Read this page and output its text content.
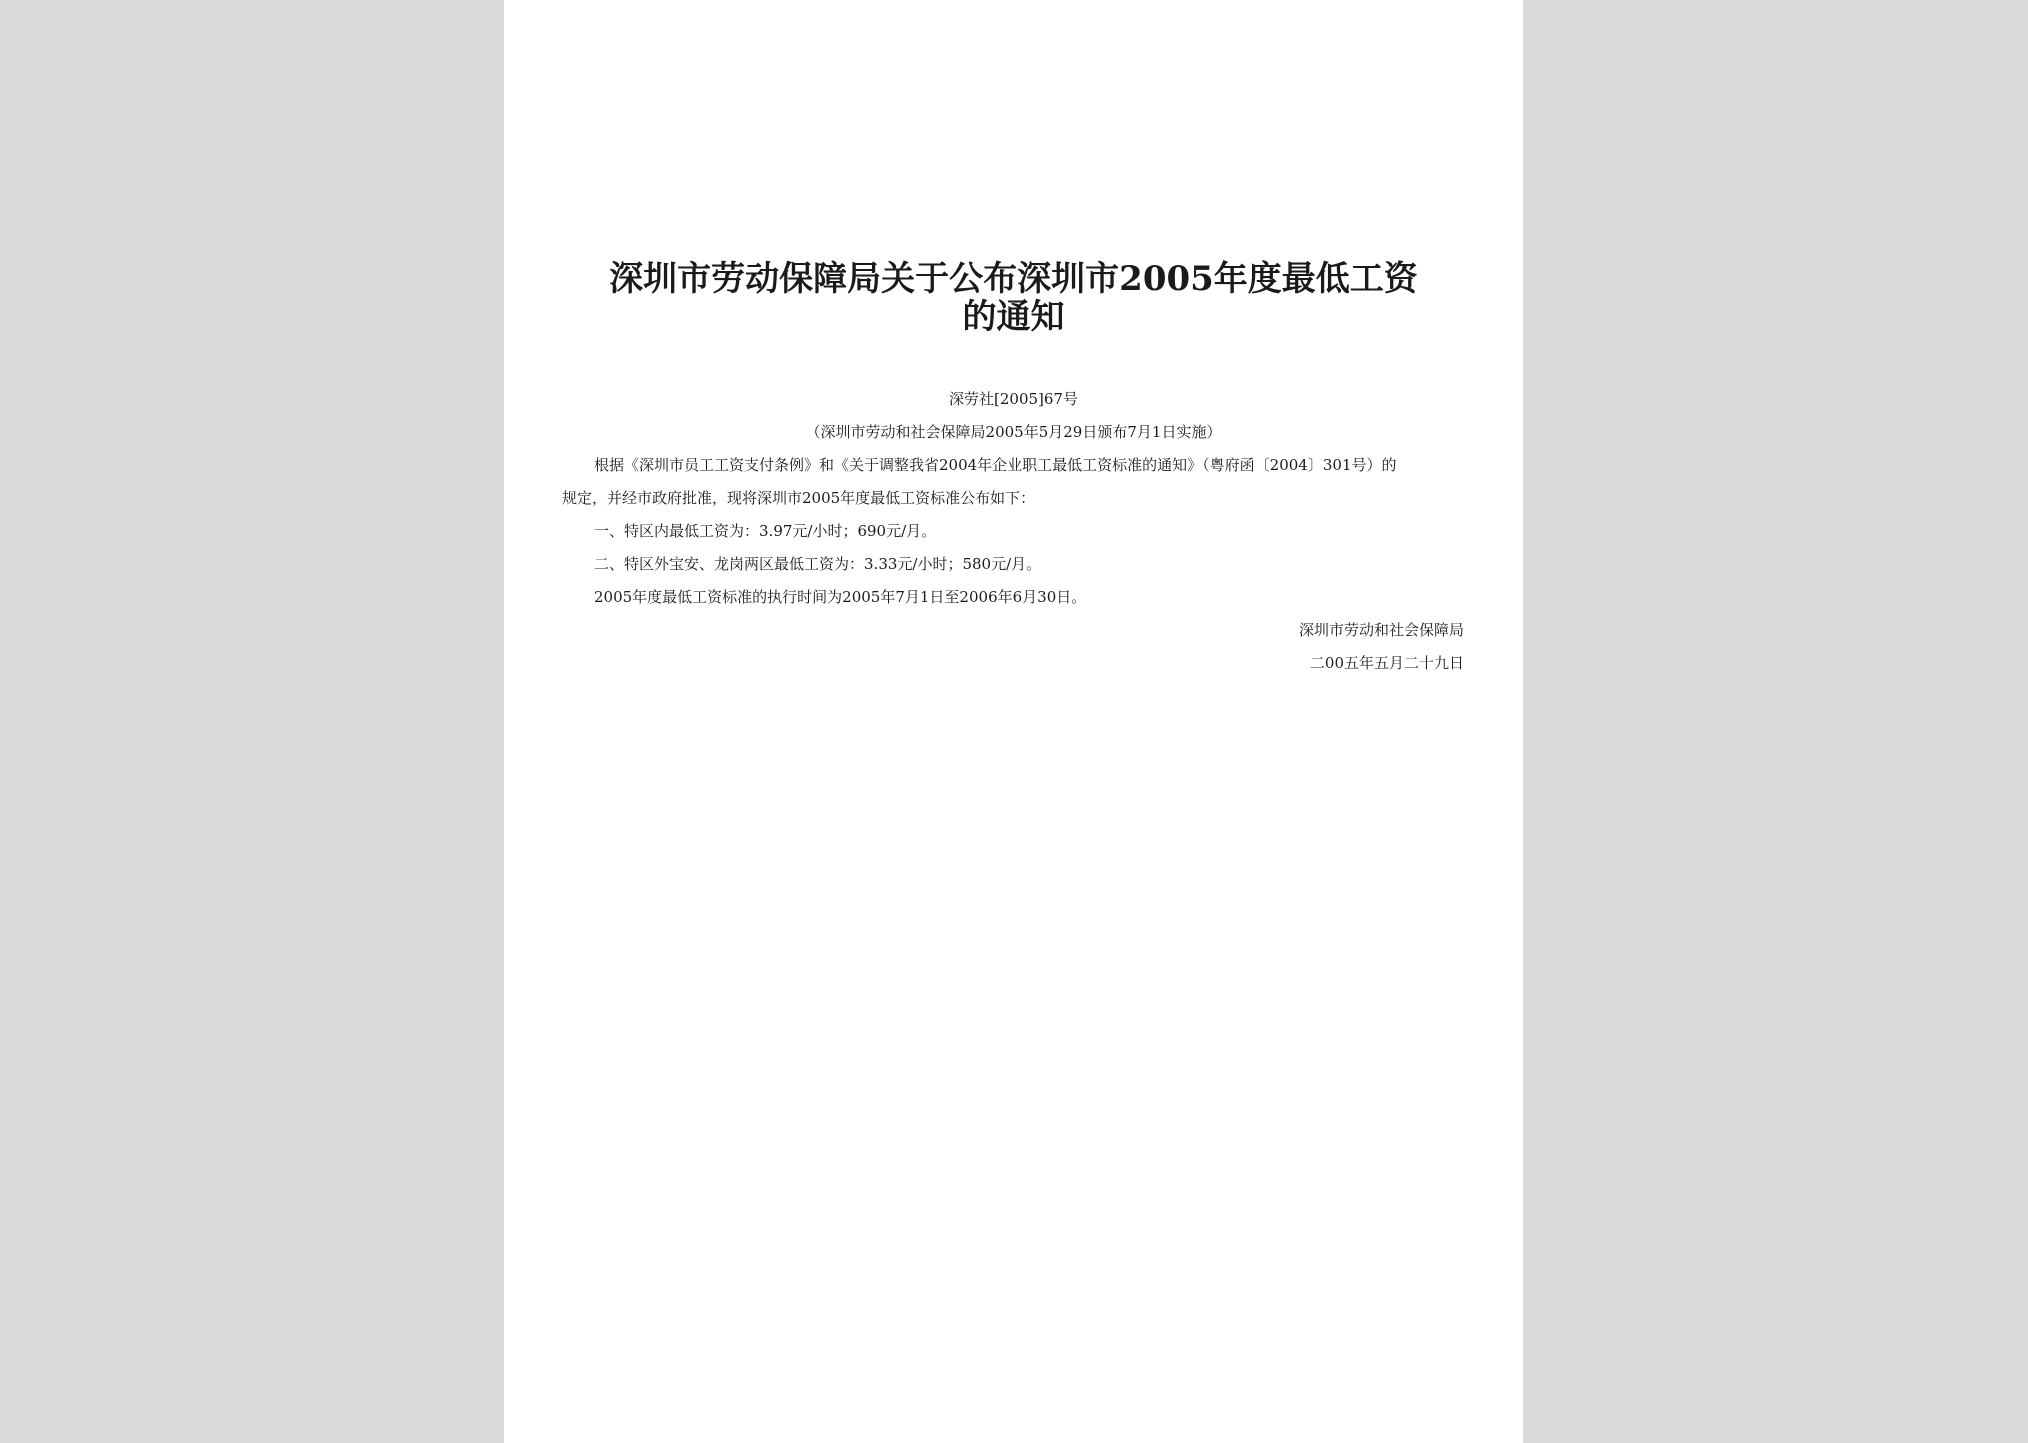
深圳市劳动保障局关于公布深圳市2005年度最低工资
的通知
深劳社[2005]67号
（深圳市劳动和社会保障局2005年5月29日颁布7月1日实施）
根据《深圳市员工工资支付条例》和《关于调整我省2004年企业职工最低工资标准的通知》（粤府函〔2004〕301号）的
规定，并经市政府批准，现将深圳市2005年度最低工资标准公布如下：
一、特区内最低工资为：3.97元/小时；690元/月。
二、特区外宝安、龙岗两区最低工资为：3.33元/小时；580元/月。
2005年度最低工资标准的执行时间为2005年7月1日至2006年6月30日。
深圳市劳动和社会保障局
二00五年五月二十九日
